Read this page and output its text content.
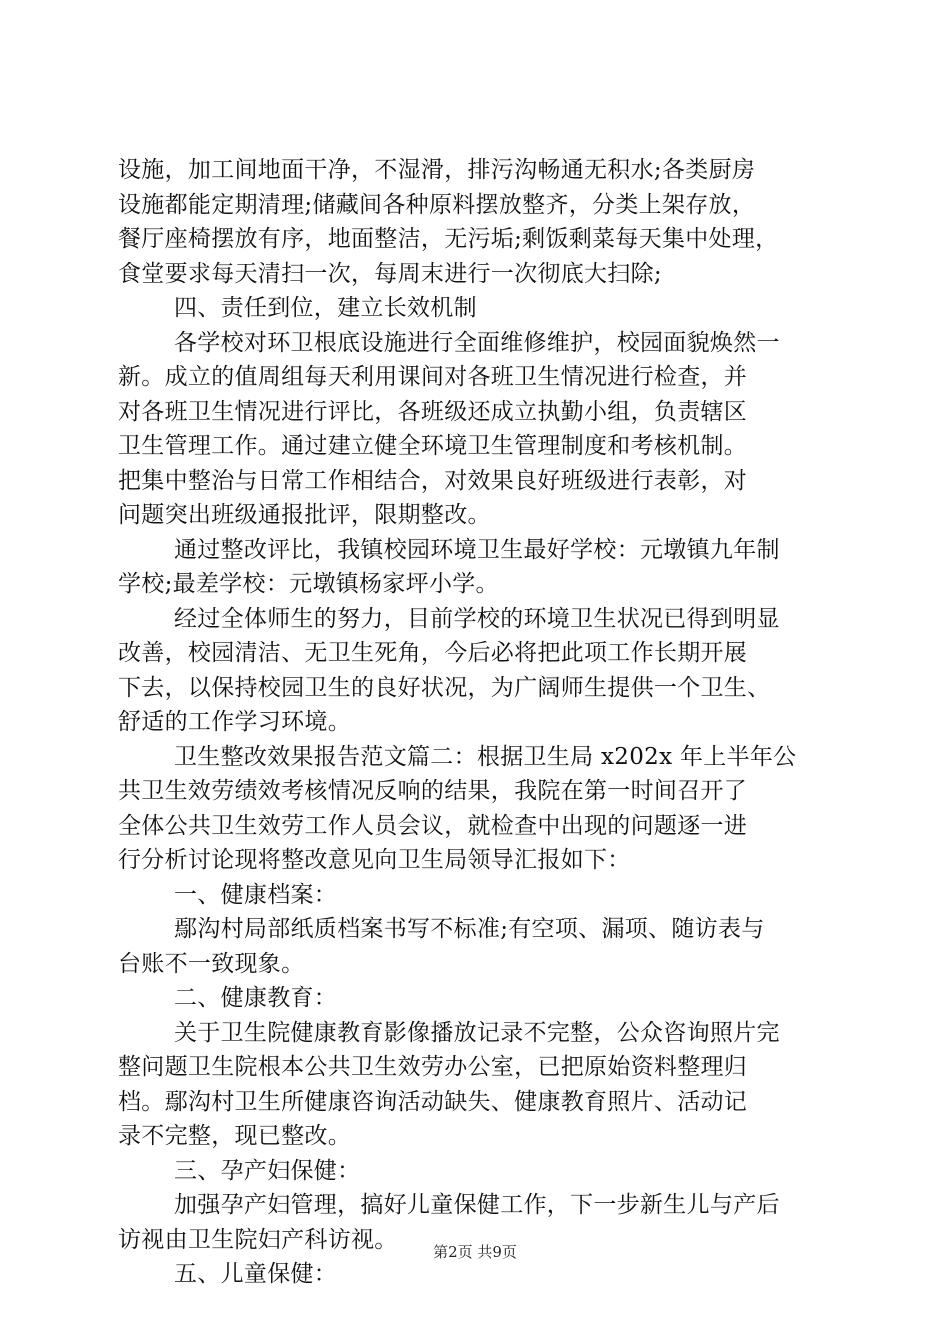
设施，加工间地面干净，不湿滑，排污沟畅通无积水;各类厨房
设施都能定期清理;储藏间各种原料摆放整齐，分类上架存放，
餐厅座椅摆放有序，地面整洁，无污垢;剩饭剩菜每天集中处理，
食堂要求每天清扫一次，每周末进行一次彻底大扫除;
四、责任到位，建立长效机制
各学校对环卫根底设施进行全面维修维护，校园面貌焕然一
新。成立的值周组每天利用课间对各班卫生情况进行检查，并
对各班卫生情况进行评比，各班级还成立执勤小组，负责辖区
卫生管理工作。通过建立健全环境卫生管理制度和考核机制。
把集中整治与日常工作相结合，对效果良好班级进行表彰，对
问题突出班级通报批评，限期整改。
通过整改评比，我镇校园环境卫生最好学校：元墩镇九年制
学校;最差学校：元墩镇杨家坪小学。
经过全体师生的努力，目前学校的环境卫生状况已得到明显
改善，校园清洁、无卫生死角，今后必将把此项工作长期开展
下去，以保持校园卫生的良好状况，为广阔师生提供一个卫生、
舒适的工作学习环境。
卫生整改效果报告范文篇二：根据卫生局 x202x 年上半年公
共卫生效劳绩效考核情况反响的结果，我院在第一时间召开了
全体公共卫生效劳工作人员会议，就检查中出现的问题逐一进
行分析讨论现将整改意见向卫生局领导汇报如下：
一、健康档案：
鄢沟村局部纸质档案书写不标准;有空项、漏项、随访表与
台账不一致现象。
二、健康教育：
关于卫生院健康教育影像播放记录不完整，公众咨询照片完
整问题卫生院根本公共卫生效劳办公室，已把原始资料整理归
档。鄢沟村卫生所健康咨询活动缺失、健康教育照片、活动记
录不完整，现已整改。
三、孕产妇保健：
加强孕产妇管理，搞好儿童保健工作，下一步新生儿与产后
访视由卫生院妇产科访视。
五、儿童保健：
第2页 共9页
